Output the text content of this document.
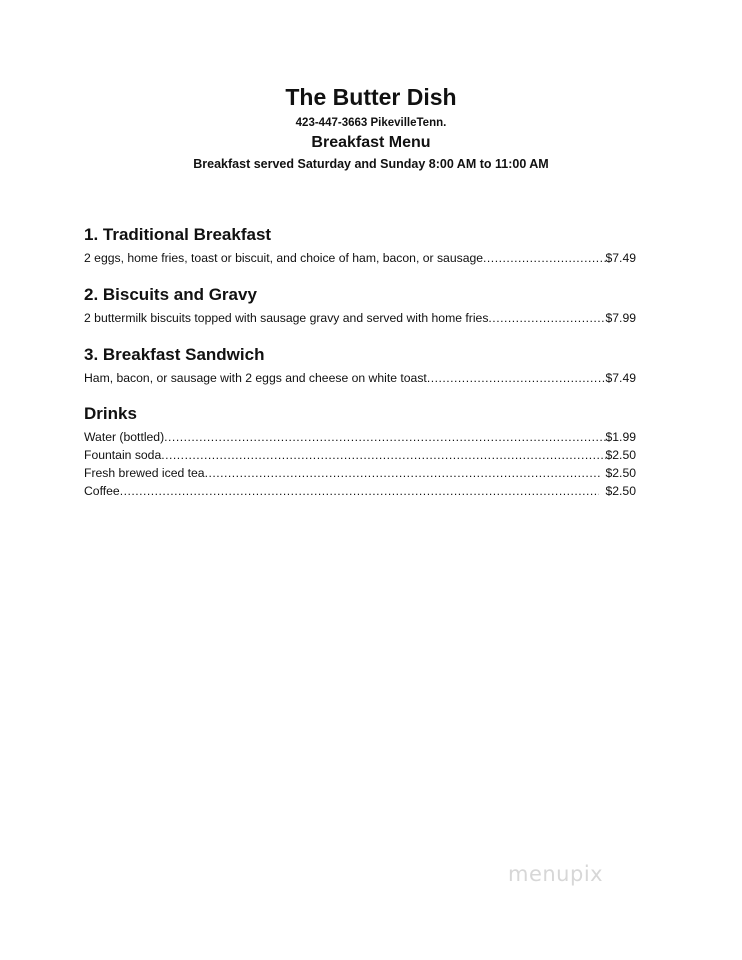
The Butter Dish
423-447-3663 PikevilleTenn.
Breakfast Menu
Breakfast served Saturday and Sunday 8:00 AM to 11:00 AM
1. Traditional Breakfast
2 eggs, home fries, toast or biscuit, and choice of ham, bacon, or sausage .....	$7.49
2. Biscuits and Gravy
2 buttermilk biscuits topped with sausage gravy and served with home fries .....	$7.99
3. Breakfast Sandwich
Ham, bacon, or sausage with 2 eggs and cheese on white toast .....	$7.49
Drinks
Water (bottled) .....	$1.99
Fountain soda .....	$2.50
Fresh brewed iced tea .....	$2.50
Coffee .....	$2.50
menupix
